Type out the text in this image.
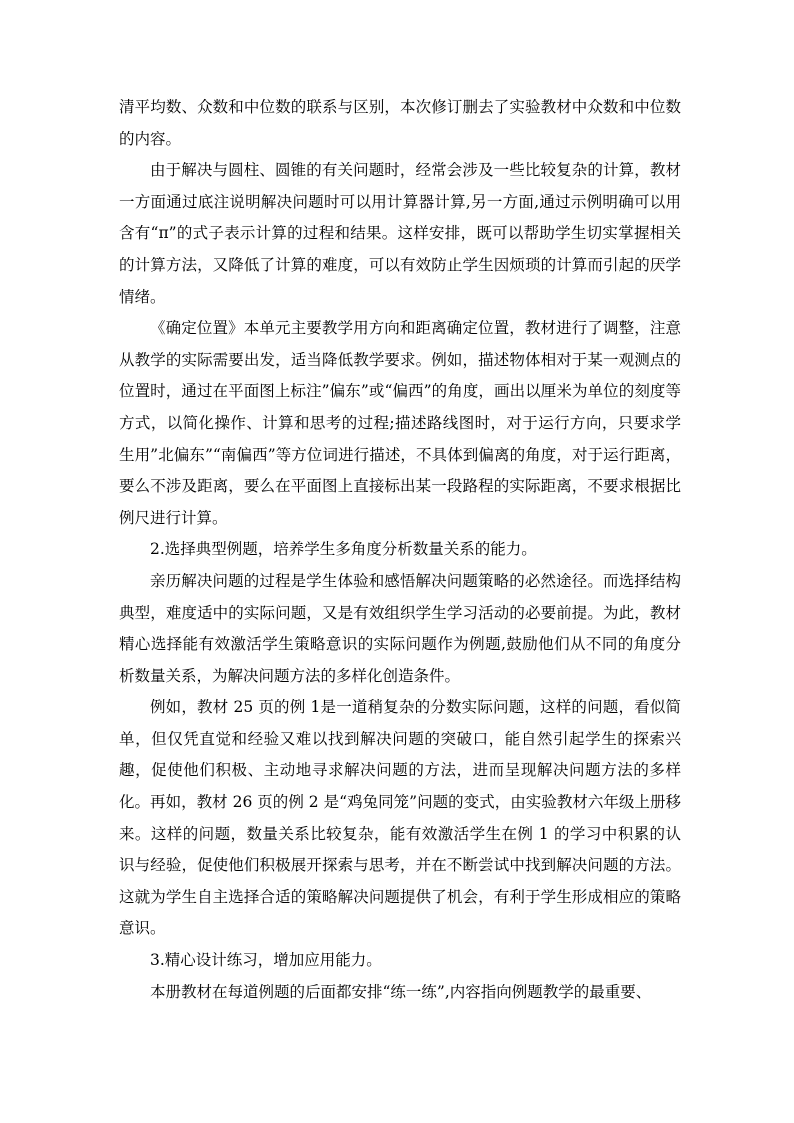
清平均数、众数和中位数的联系与区别，本次修订删去了实验教材中众数和中位数的内容。

由于解决与圆柱、圆锥的有关问题时，经常会涉及一些比较复杂的计算，教材一方面通过底注说明解决问题时可以用计算器计算,另一方面,通过示例明确可以用含有“π”的式子表示计算的过程和结果。这样安排，既可以帮助学生切实掌握相关的计算方法，又降低了计算的难度，可以有效防止学生因烦琐的计算而引起的厌学情绪。

《确定位置》本单元主要教学用方向和距离确定位置，教材进行了调整，注意从教学的实际需要出发，适当降低教学要求。例如，描述物体相对于某一观测点的位置时，通过在平面图上标注”偏东”或“偏西”的角度，画出以厘米为单位的刻度等方式，以简化操作、计算和思考的过程;描述路线图时，对于运行方向，只要求学生用”北偏东”“南偏西”等方位词进行描述，不具体到偏离的角度，对于运行距离，要么不涉及距离，要么在平面图上直接标出某一段路程的实际距离，不要求根据比例尺进行计算。

2.选择典型例题，培养学生多角度分析数量关系的能力。

亲历解决问题的过程是学生体验和感悟解决问题策略的必然途径。而选择结构典型，难度适中的实际问题，又是有效组织学生学习活动的必要前提。为此，教材精心选择能有效激活学生策略意识的实际问题作为例题,鼓励他们从不同的角度分析数量关系，为解决问题方法的多样化创造条件。

例如，教材 25 页的例 1是一道稍复杂的分数实际问题，这样的问题，看似简单，但仅凭直觉和经验又难以找到解决问题的突破口，能自然引起学生的探索兴趣，促使他们积极、主动地寻求解决问题的方法，进而呈现解决问题方法的多样化。再如，教材 26 页的例 2 是“鸡兔同笼”问题的变式，由实验教材六年级上册移来。这样的问题，数量关系比较复杂，能有效激活学生在例 1 的学习中积累的认识与经验，促使他们积极展开探索与思考，并在不断尝试中找到解决问题的方法。这就为学生自主选择合适的策略解决问题提供了机会，有利于学生形成相应的策略意识。

3.精心设计练习，增加应用能力。

本册教材在每道例题的后面都安排“练一练”,内容指向例题教学的最重要、
